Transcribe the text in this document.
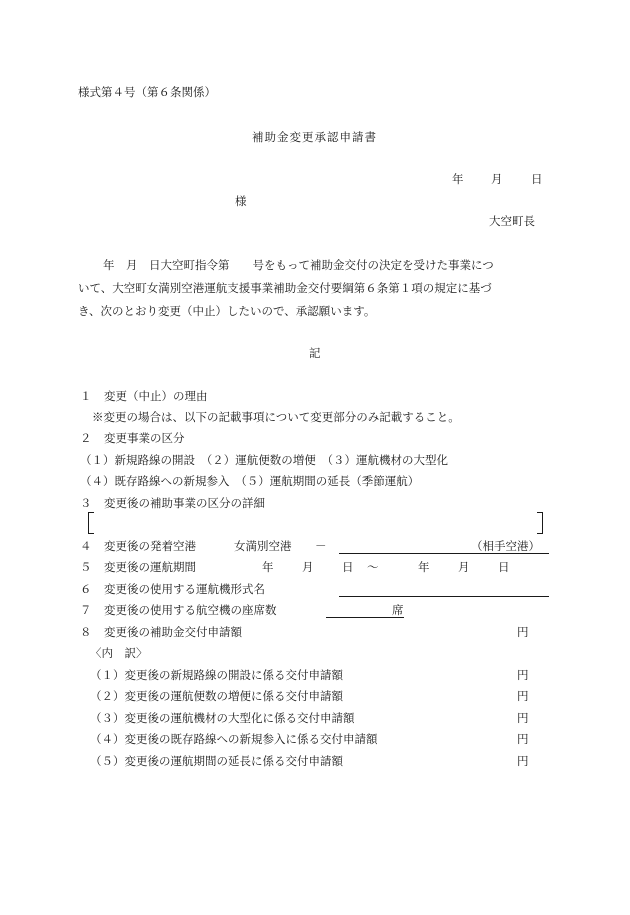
様式第４号（第６条関係）
補助金変更承認申請書
年 月 日
様
大空町長
年　月　日大空町指令第　　号をもって補助金交付の決定を受けた事業につ
いて、大空町女満別空港運航支援事業補助金交付要綱第６条第１項の規定に基づ
き、次のとおり変更（中止）したいので、承認願います。
記
１ 変更（中止）の理由
※変更の場合は、以下の記載事項について変更部分のみ記載すること。
２ 変更事業の区分
（１）新規路線の開設　（２）運航便数の増便　（３）運航機材の大型化
（４）既存路線への新規参入　（５）運航期間の延長（季節運航）
３ 変更後の補助事業の区分の詳細
４ 変更後の発着空港	女満別空港 －	（相手空港）
５ 変更後の運航期間	年 月 日 ～	年 月 日
６ 変更後の使用する運航機形式名
７ 変更後の使用する航空機の座席数	席
８ 変更後の補助金交付申請額	円
〈内　訳〉
（１）変更後の新規路線の開設に係る交付申請額	円
（２）変更後の運航便数の増便に係る交付申請額	円
（３）変更後の運航機材の大型化に係る交付申請額	円
（４）変更後の既存路線への新規参入に係る交付申請額	円
（５）変更後の運航期間の延長に係る交付申請額	円
